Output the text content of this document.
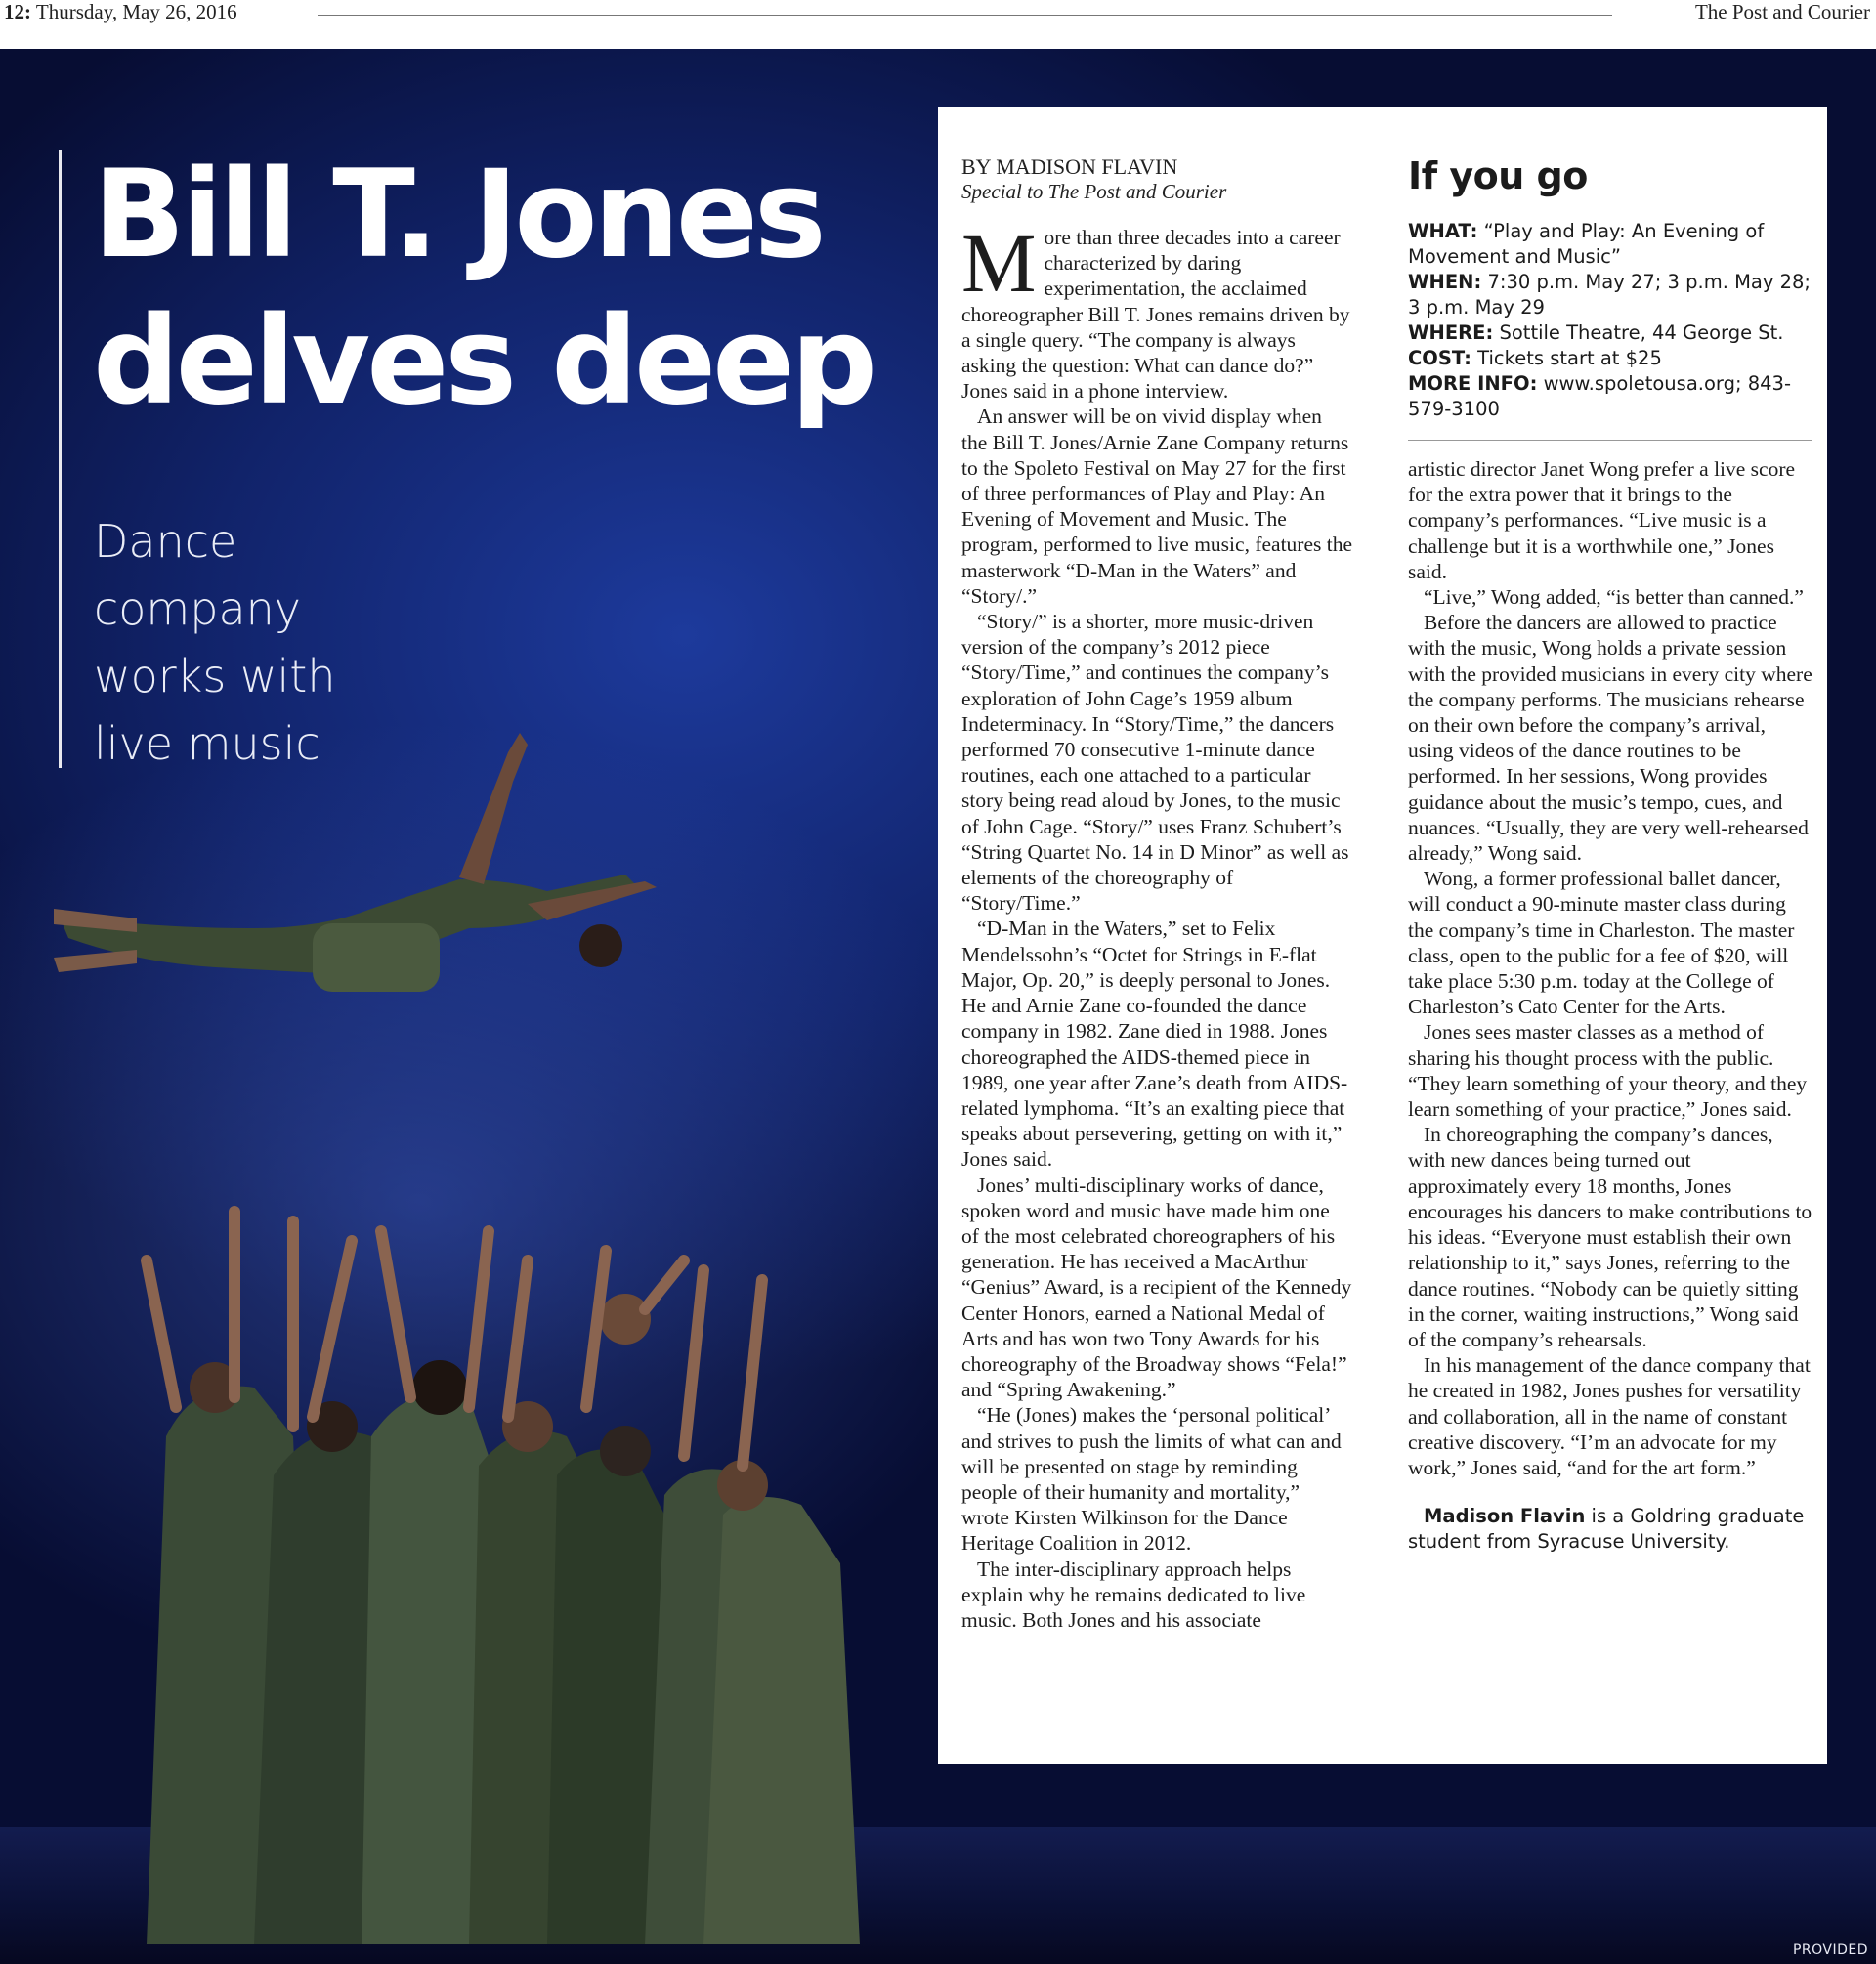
12: Thursday, May 26, 2016	The Post and Courier
Bill T. Jones delves deep

Dance company works with live music

PROVIDED

BY MADISON FLAVIN

Special to The Post and Courier

More than three decades into a career characterized by daring experimentation, the acclaimed choreographer Bill T. Jones remains driven by a single query. “The company is always asking the question: What can dance do?” Jones said in a phone interview.

An answer will be on vivid display when the Bill T. Jones/Arnie Zane Company returns to the Spoleto Festival on May 27 for the first of three performances of Play and Play: An Evening of Movement and Music. The program, performed to live music, features the masterwork “D-Man in the Waters” and “Story/.”

“Story/” is a shorter, more music-driven version of the company’s 2012 piece “Story/Time,” and continues the company’s exploration of John Cage’s 1959 album Indeterminacy. In “Story/Time,” the dancers performed 70 consecutive 1-minute dance routines, each one attached to a particular story being read aloud by Jones, to the music of John Cage. “Story/” uses Franz Schubert’s “String Quartet No. 14 in D Minor” as well as elements of the choreography of “Story/Time.”

“D-Man in the Waters,” set to Felix Mendelssohn’s “Octet for Strings in E-flat Major, Op. 20,” is deeply personal to Jones. He and Arnie Zane co-founded the dance company in 1982. Zane died in 1988. Jones choreographed the AIDS-themed piece in 1989, one year after Zane’s death from AIDS-related lymphoma. “It’s an exalting piece that speaks about persevering, getting on with it,” Jones said.

Jones’ multi-disciplinary works of dance, spoken word and music have made him one of the most celebrated choreographers of his generation. He has received a MacArthur “Genius” Award, is a recipient of the Kennedy Center Honors, earned a National Medal of Arts and has won two Tony Awards for his choreography of the Broadway shows “Fela!” and “Spring Awakening.”

“He (Jones) makes the ‘personal political’ and strives to push the limits of what can and will be presented on stage by reminding people of their humanity and mortality,” wrote Kirsten Wilkinson for the Dance Heritage Coalition in 2012.

The inter-disciplinary approach helps explain why he remains dedicated to live music. Both Jones and his associate

If you go

WHAT: “Play and Play: An Evening of Movement and Music”

WHEN: 7:30 p.m. May 27; 3 p.m. May 28; 3 p.m. May 29

WHERE: Sottile Theatre, 44 George St.

COST: Tickets start at $25

MORE INFO: www.spoletousa.org; 843-579-3100

artistic director Janet Wong prefer a live score for the extra power that it brings to the company’s performances. “Live music is a challenge but it is a worthwhile one,” Jones said.

“Live,” Wong added, “is better than canned.”

Before the dancers are allowed to practice with the music, Wong holds a private session with the provided musicians in every city where the company performs. The musicians rehearse on their own before the company’s arrival, using videos of the dance routines to be performed. In her sessions, Wong provides guidance about the music’s tempo, cues, and nuances. “Usually, they are very well-rehearsed already,” Wong said.

Wong, a former professional ballet dancer, will conduct a 90-minute master class during the company’s time in Charleston. The master class, open to the public for a fee of $20, will take place 5:30 p.m. today at the College of Charleston’s Cato Center for the Arts.

Jones sees master classes as a method of sharing his thought process with the public. “They learn something of your theory, and they learn something of your practice,” Jones said.

In choreographing the company’s dances, with new dances being turned out approximately every 18 months, Jones encourages his dancers to make contributions to his ideas. “Everyone must establish their own relationship to it,” says Jones, referring to the dance routines. “Nobody can be quietly sitting in the corner, waiting instructions,” Wong said of the company’s rehearsals.

In his management of the dance company that he created in 1982, Jones pushes for versatility and collaboration, all in the name of constant creative discovery. “I’m an advocate for my work,” Jones said, “and for the art form.”

Madison Flavin is a Goldring graduate student from Syracuse University.
